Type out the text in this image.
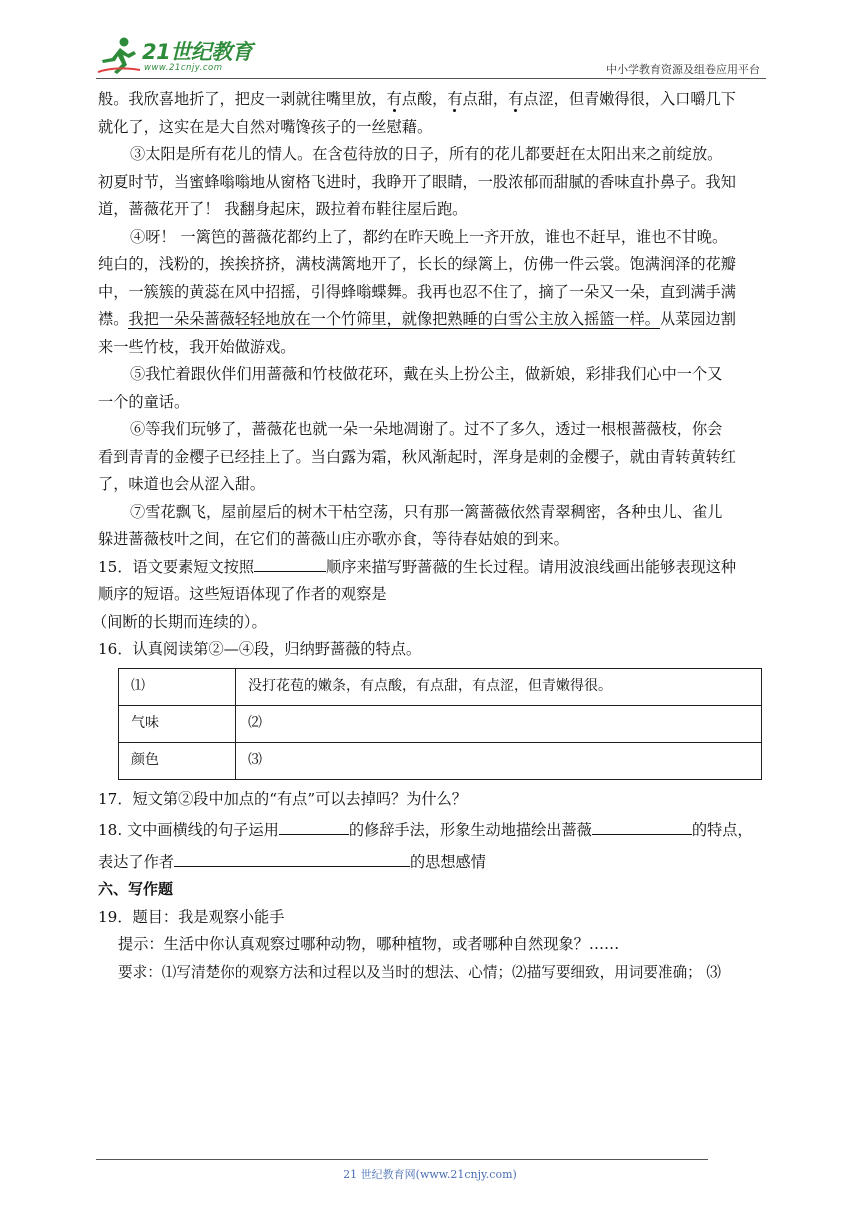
21世纪教育
www.21cnjy.com	中小学教育资源及组卷应用平台

般。我欣喜地折了，把皮一剥就往嘴里放，有点酸，有点甜，有点涩，但青嫩得很，入口嚼几下

就化了，这实在是大自然对嘴馋孩子的一丝慰藉。

③太阳是所有花儿的情人。在含苞待放的日子，所有的花儿都要赶在太阳出来之前绽放。

初夏时节，当蜜蜂嗡嗡地从窗格飞进时，我睁开了眼睛，一股浓郁而甜腻的香味直扑鼻子。我知

道，蔷薇花开了！ 我翻身起床，趿拉着布鞋往屋后跑。

④呀！ 一篱笆的蔷薇花都约上了，都约在昨天晚上一齐开放，谁也不赶早，谁也不甘晚。

纯白的，浅粉的，挨挨挤挤，满枝满篱地开了，长长的绿篱上，仿佛一件云裳。饱满润泽的花瓣

中，一簇簇的黄蕊在风中招摇，引得蜂嗡蝶舞。我再也忍不住了，摘了一朵又一朵，直到满手满

襟。我把一朵朵蔷薇轻轻地放在一个竹筛里，就像把熟睡的白雪公主放入摇篮一样。从菜园边割

来一些竹枝，我开始做游戏。

⑤我忙着跟伙伴们用蔷薇和竹枝做花环，戴在头上扮公主，做新娘，彩排我们心中一个又

一个的童话。

⑥等我们玩够了，蔷薇花也就一朵一朵地凋谢了。过不了多久，透过一根根蔷薇枝，你会

看到青青的金樱子已经挂上了。当白露为霜，秋风渐起时，浑身是刺的金樱子，就由青转黄转红

了，味道也会从涩入甜。

⑦雪花飘飞，屋前屋后的树木干枯空荡，只有那一篱蔷薇依然青翠稠密，各种虫儿、雀儿

躲进蔷薇枝叶之间，在它们的蔷薇山庄亦歌亦食，等待春姑娘的到来。

15．语文要素短文按照	顺序来描写野蔷薇的生长过程。请用波浪线画出能够表现这种

顺序的短语。这些短语体现了作者的观察是

（间断的长期而连续的）。

16．认真阅读第②—④段，归纳野蔷薇的特点。

⑴	没打花苞的嫩条，有点酸，有点甜，有点涩，但青嫩得很。
气味	⑵
颜色	⑶

17．短文第②段中加点的“有点”可以去掉吗？为什么？

18. 文中画横线的句子运用	的修辞手法，形象生动地描绘出蔷薇	的特点，

表达了作者	的思想感情

六、写作题

19．题目：我是观察小能手

提示：生活中你认真观察过哪种动物，哪种植物，或者哪种自然现象？……

要求：⑴写清楚你的观察方法和过程以及当时的想法、心情；⑵描写要细致，用词要准确； ⑶

21 世纪教育网(www.21cnjy.com)
